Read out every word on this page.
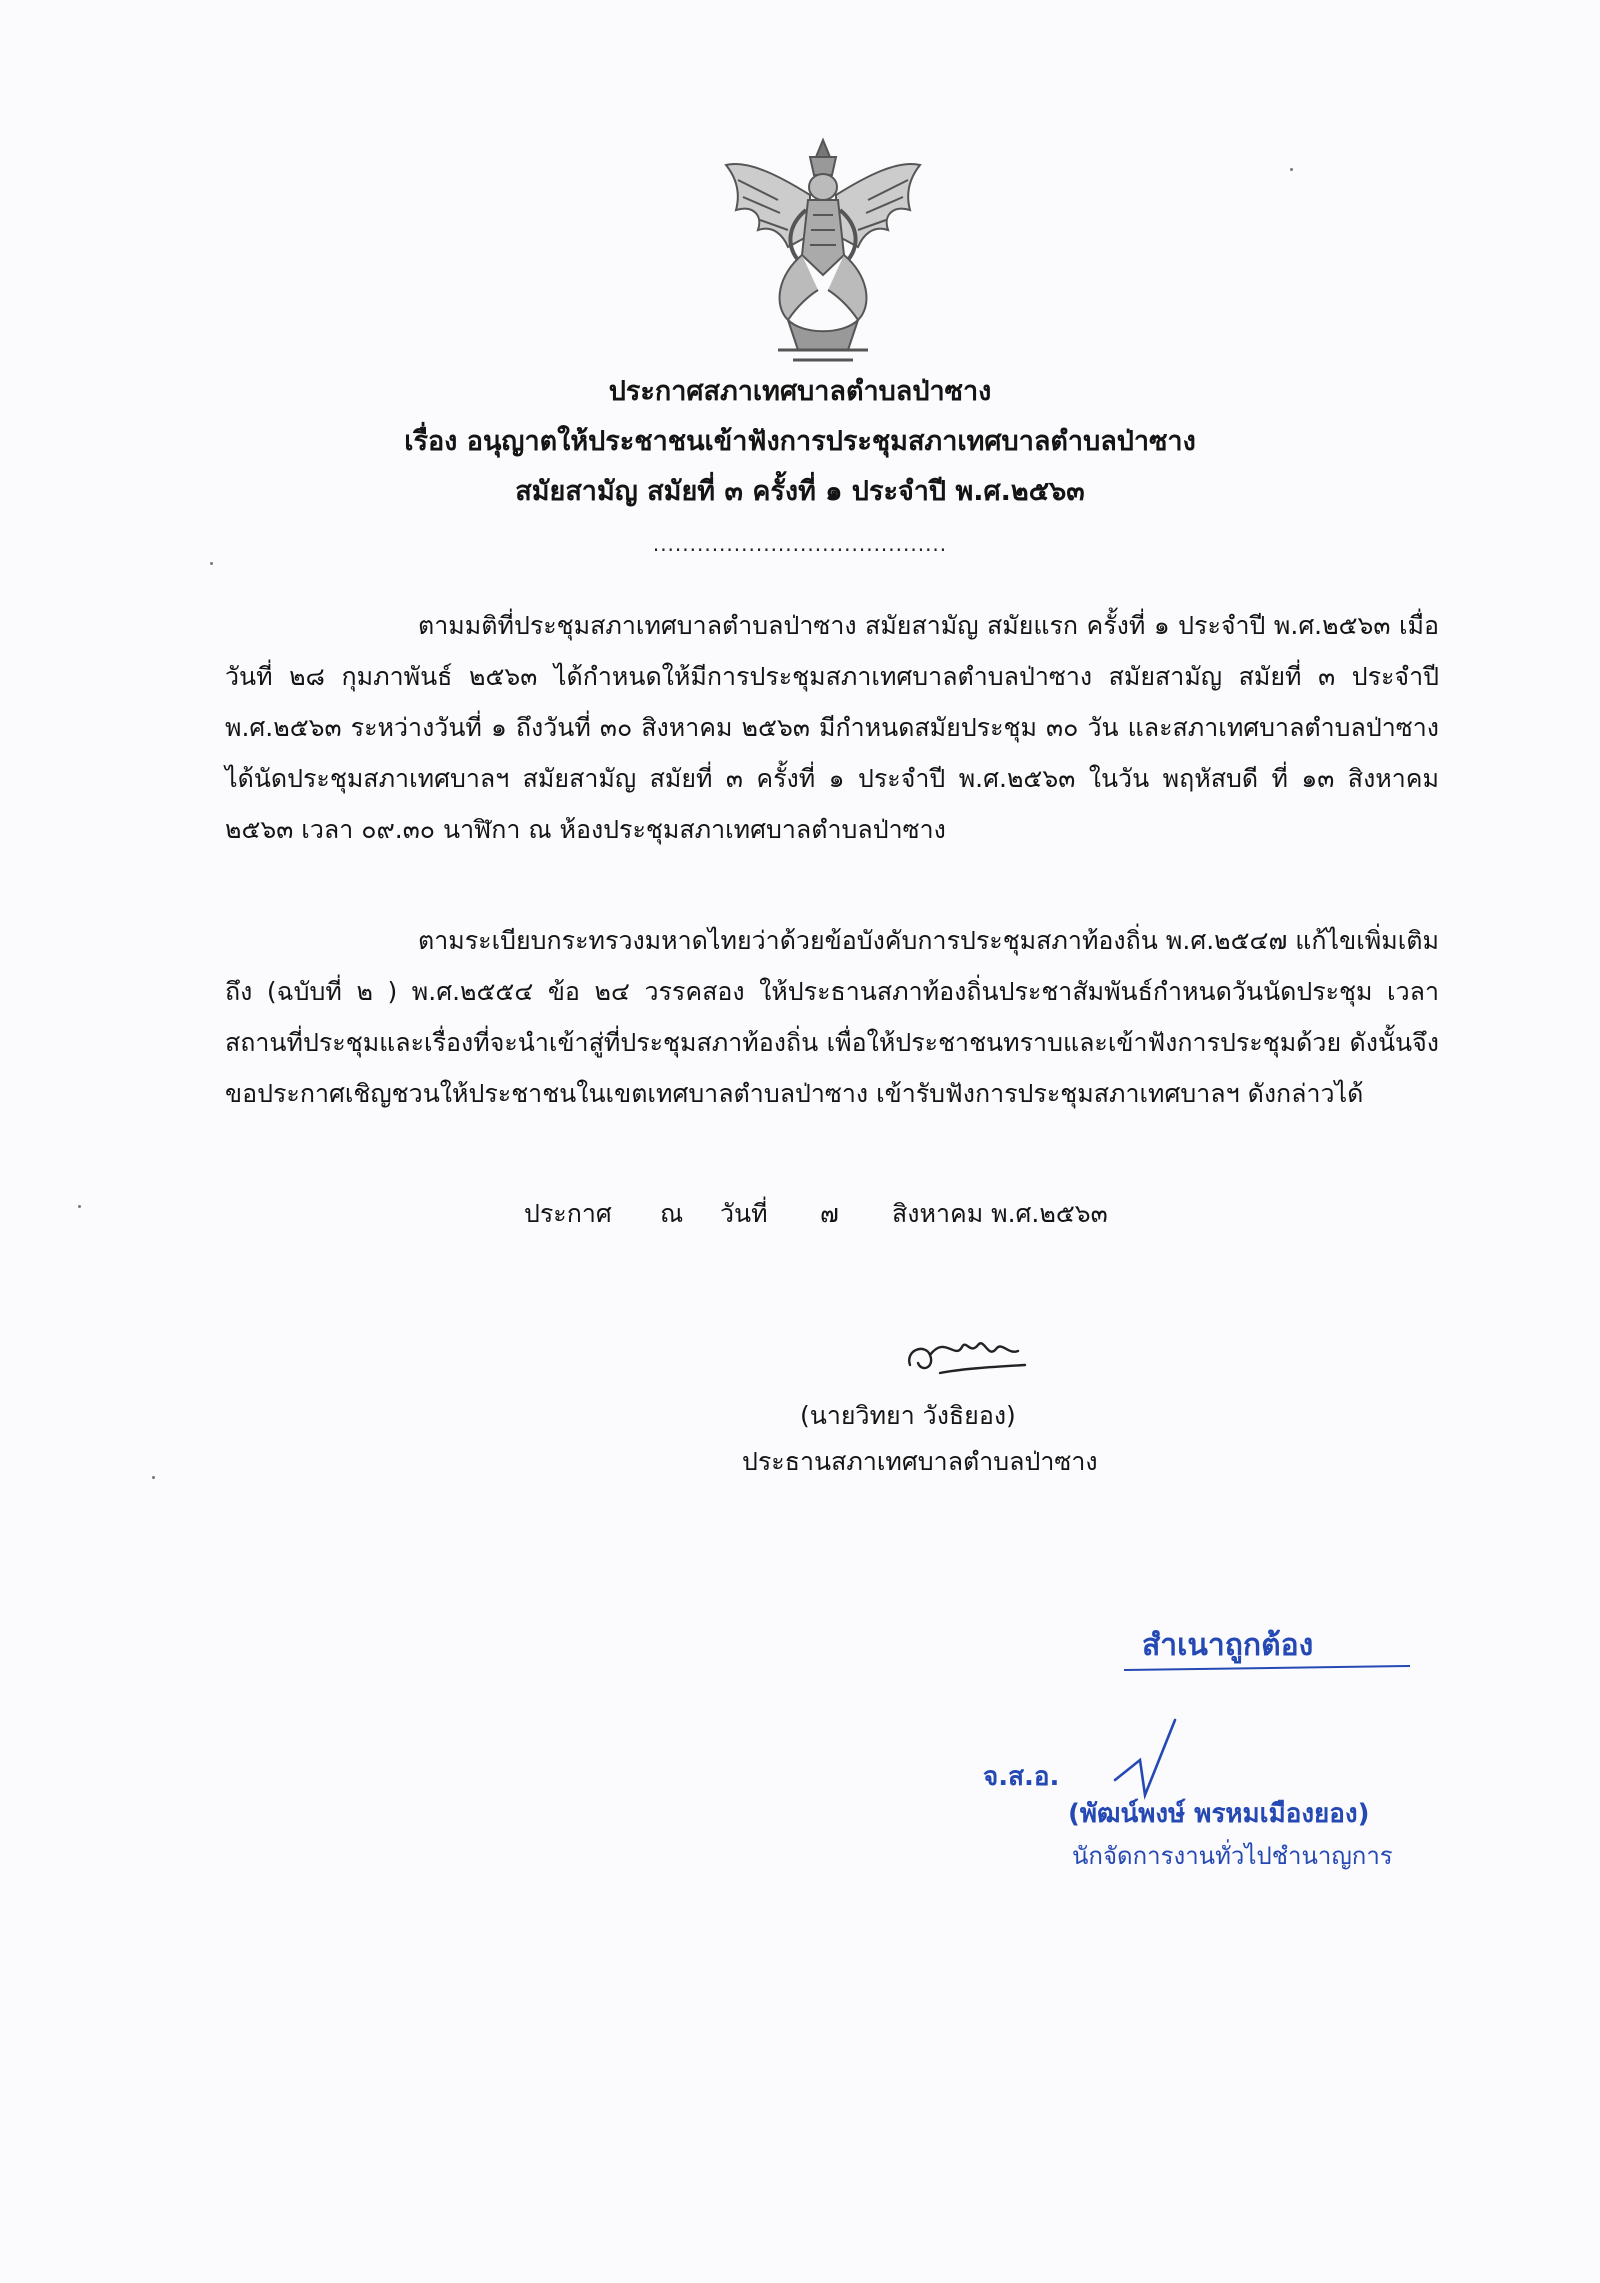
ประกาศสภาเทศบาลตำบลป่าซาง
เรื่อง อนุญาตให้ประชาชนเข้าฟังการประชุมสภาเทศบาลตำบลป่าซาง
สมัยสามัญ สมัยที่ ๓ ครั้งที่ ๑ ประจำปี พ.ศ.๒๕๖๓
........................................
ตามมติที่ประชุมสภาเทศบาลตำบลป่าซาง สมัยสามัญ สมัยแรก ครั้งที่ ๑ ประจำปี พ.ศ.๒๕๖๓ เมื่อวันที่ ๒๘ กุมภาพันธ์ ๒๕๖๓ ได้กำหนดให้มีการประชุมสภาเทศบาลตำบลป่าซาง สมัยสามัญ สมัยที่ ๓ ประจำปี พ.ศ.๒๕๖๓ ระหว่างวันที่ ๑ ถึงวันที่ ๓๐ สิงหาคม ๒๕๖๓ มีกำหนดสมัยประชุม ๓๐ วัน และสภาเทศบาลตำบลป่าซาง ได้นัดประชุมสภาเทศบาลฯ สมัยสามัญ สมัยที่ ๓ ครั้งที่ ๑ ประจำปี พ.ศ.๒๕๖๓ ในวัน พฤหัสบดี ที่ ๑๓ สิงหาคม ๒๕๖๓ เวลา ๐๙.๓๐ นาฬิกา ณ ห้องประชุมสภาเทศบาลตำบลป่าซาง
ตามระเบียบกระทรวงมหาดไทยว่าด้วยข้อบังคับการประชุมสภาท้องถิ่น พ.ศ.๒๕๔๗ แก้ไขเพิ่มเติมถึง (ฉบับที่ ๒ ) พ.ศ.๒๕๕๔ ข้อ ๒๔ วรรคสอง ให้ประธานสภาท้องถิ่นประชาสัมพันธ์กำหนดวันนัดประชุม เวลา สถานที่ประชุมและเรื่องที่จะนำเข้าสู่ที่ประชุมสภาท้องถิ่น เพื่อให้ประชาชนทราบและเข้าฟังการประชุมด้วย ดังนั้นจึงขอประกาศเชิญชวนให้ประชาชนในเขตเทศบาลตำบลป่าซาง เข้ารับฟังการประชุมสภาเทศบาลฯ ดังกล่าวได้
ประกาศ ณ วันที่ ๗ สิงหาคม พ.ศ.๒๕๖๓
(นายวิทยา วังธิยอง)
ประธานสภาเทศบาลตำบลป่าซาง
สำเนาถูกต้อง
จ.ส.อ.
(พัฒน์พงษ์ พรหมเมืองยอง)
นักจัดการงานทั่วไปชำนาญการ
